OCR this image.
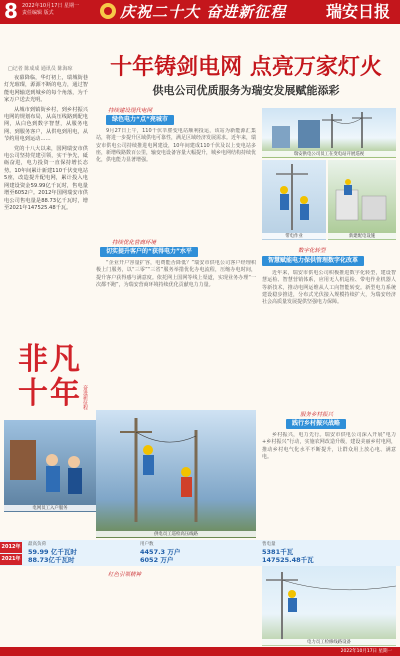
8 2022年10月17日 星期一
责任编辑 版式	庆祝二十大 奋进新征程 瑞安日报
□记者 陈成成 通讯员 陈海琼

夜幕降临，华灯初上，瑞城街巷灯光璀璨，源源不断的电力，通过智能电网输送到城乡的每个角落，为千家万户送去光明。

从城市到镇街乡村，到乡村振兴电网的规划布局，从高压线路到配电网，从白色到数字智慧，从服务电网、到服务客户，从供电到用电，从节约用电到运动……

党的十八大以来，国网瑞安市供电公司坚持党建引领，实干争先，砥砺奋进，电力投资一直保持增长态势。10年间累计新建110千伏变电站5座，改造提升配电网，累计投入电网建设资金59.99亿千瓦时，售电量增至6052户。2012年国网瑞安市供电公司售电量是88.73亿千瓦时，增至2021年147525.48千瓦。

非 凡
十 年 奋进新征程
十年铸剑电网 点亮万家灯火
供电公司优质服务为瑞安发展赋能添彩
持续建设现代电网
绿色电力“点”亮城市
9月27日上午，110千伏莘塍变电站顺利投运，该站为新能源汇集站，将进一步提升区域供电可靠性，满足区域经济发展需求。近年来，瑞安市供电公司持续推进电网建设，10年间建成110千伏及以上变电站多座，新增线路数百公里，输变电设备容量大幅提升，城乡电网结构持续优化，供电能力显著增强。
瑞安供电公司员工在变电站开展巡视
带电作业	新建配电设施
持续优化营商环境
切实提升客户的“获得电力”水平
“企业开户容量扩容，电费能否降低？”瑞安市供电公司客户经理积极上门服务，以“三零”“三省”服务举措优化办电流程，压缩办电时间，提升客户获得感与满意度。依托网上国网等线上渠道，实现业务办理“一次都不跑”，为瑞安营商环境持续优化贡献电力力量。
数字化转型
智慧赋能电力保供管理数字化改革
近年来，瑞安市供电公司积极推进数字化转型，建设智慧运检、智慧营销体系，应用无人机巡检、带电作业机器人等新技术，推动电网运维从人工向智能转变。新型电力系统建设稳步推进，分布式光伏接入规模持续扩大，为瑞安经济社会高质量发展提供坚强电力保障。
服务乡村振兴
践行乡村振兴战略
乡村振兴，电力先行。瑞安市供电公司深入开展“电力+乡村振兴”行动，实施农网改造升级，建设美丽乡村电网，推动乡村电气化水平不断提升，让群众用上放心电、满意电。
电网员工入户服务
供电员工巡检高压线路
电力员工检修线路设备
2012年
2021年
最高负荷
59.99 亿千瓦时
88.73亿千瓦时
用户数
4457.3 万户
6052 万户
售电量
5381千瓦
147525.48千瓦
红色引领精神
2022年10月17日 星期一
